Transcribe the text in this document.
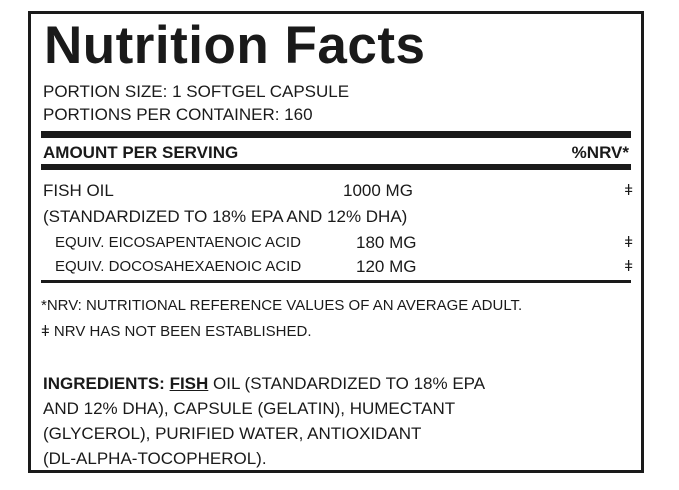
Nutrition Facts
PORTION SIZE: 1 SOFTGEL CAPSULE
PORTIONS PER CONTAINER: 160
AMOUNT PER SERVING	%NRV*
FISH OIL	1000 MG	ǂ
(STANDARDIZED TO 18% EPA AND 12% DHA)
EQUIV. EICOSAPENTAENOIC ACID	180 MG	ǂ
EQUIV. DOCOSAHEXAENOIC ACID	120 MG	ǂ
*NRV: NUTRITIONAL REFERENCE VALUES OF AN AVERAGE ADULT.
ǂ NRV HAS NOT BEEN ESTABLISHED.
INGREDIENTS: FISH OIL (STANDARDIZED TO 18% EPA
AND 12% DHA), CAPSULE (GELATIN), HUMECTANT
(GLYCEROL), PURIFIED WATER, ANTIOXIDANT
(DL-ALPHA-TOCOPHEROL).
